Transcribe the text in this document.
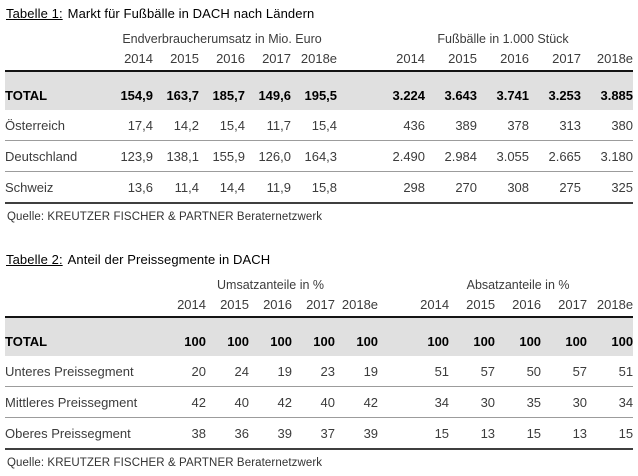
Tabelle 1: Markt für Fußbälle in DACH nach Ländern
	Endverbraucherumsatz in Mio. Euro						Fußbälle in 1.000 Stück				
	2014	2015	2016	2017	2018e		2014	2015	2016	2017	2018e
TOTAL	154,9	163,7	185,7	149,6	195,5		3.224	3.643	3.741	3.253	3.885
Österreich	17,4	14,2	15,4	11,7	15,4		436	389	378	313	380
Deutschland	123,9	138,1	155,9	126,0	164,3		2.490	2.984	3.055	2.665	3.180
Schweiz	13,6	11,4	14,4	11,9	15,8		298	270	308	275	325

Quelle: KREUTZER FISCHER & PARTNER Beraternetzwerk

Tabelle 2: Anteil der Preissegmente in DACH
	Umsatzanteile in %						Absatzanteile in %				
	2014	2015	2016	2017	2018e		2014	2015	2016	2017	2018e
TOTAL	100	100	100	100	100		100	100	100	100	100
Unteres Preissegment	20	24	19	23	19		51	57	50	57	51
Mittleres Preissegment	42	40	42	40	42		34	30	35	30	34
Oberes Preissegment	38	36	39	37	39		15	13	15	13	15

Quelle: KREUTZER FISCHER & PARTNER Beraternetzwerk
